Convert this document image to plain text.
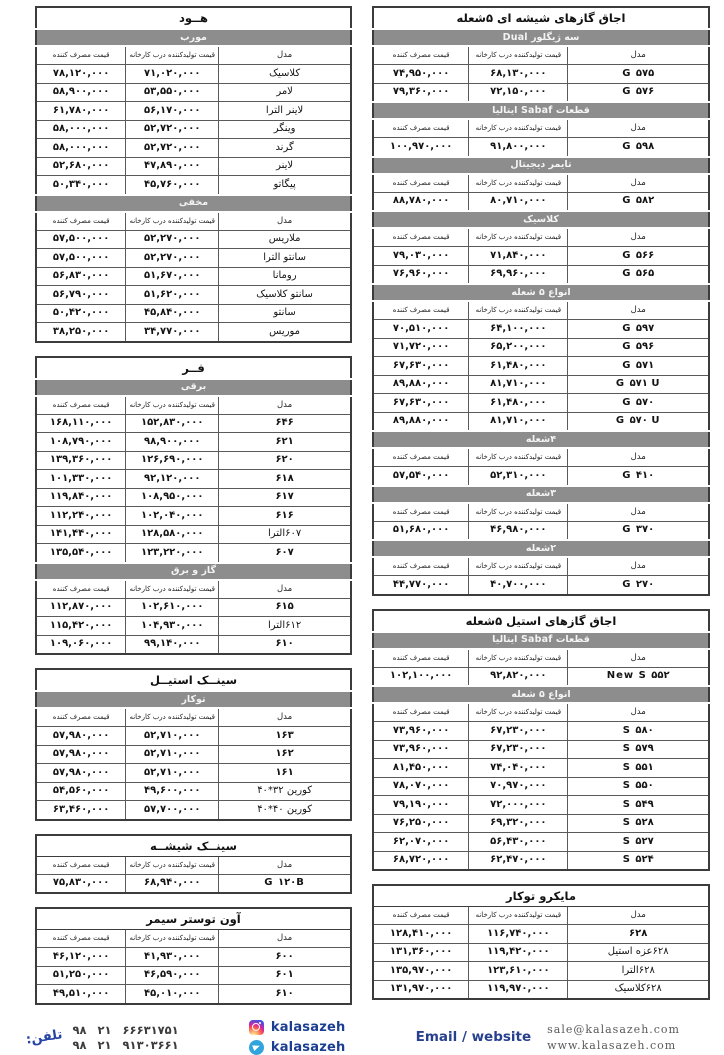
اجاق گازهای شیشه ای ۵شعله		
سه ژیگلور Dual		
مدل	قیمت تولیدکننده درب کارخانه	قیمت مصرف کننده
G ۵۷۵	۶۸,۱۳۰,۰۰۰	۷۴,۹۵۰,۰۰۰
G ۵۷۶	۷۲,۱۵۰,۰۰۰	۷۹,۳۶۰,۰۰۰
قطعات Sabaf ایتالیا		
مدل	قیمت تولیدکننده درب کارخانه	قیمت مصرف کننده
G ۵۹۸	۹۱,۸۰۰,۰۰۰	۱۰۰,۹۷۰,۰۰۰
تایمر دیجیتال		
مدل	قیمت تولیدکننده درب کارخانه	قیمت مصرف کننده
G ۵۸۲	۸۰,۷۱۰,۰۰۰	۸۸,۷۸۰,۰۰۰
کلاسیک		
مدل	قیمت تولیدکننده درب کارخانه	قیمت مصرف کننده
G ۵۶۶	۷۱,۸۴۰,۰۰۰	۷۹,۰۳۰,۰۰۰
G ۵۶۵	۶۹,۹۶۰,۰۰۰	۷۶,۹۶۰,۰۰۰
انواع ۵ شعله		
مدل	قیمت تولیدکننده درب کارخانه	قیمت مصرف کننده
G ۵۹۷	۶۴,۱۰۰,۰۰۰	۷۰,۵۱۰,۰۰۰
G ۵۹۶	۶۵,۲۰۰,۰۰۰	۷۱,۷۲۰,۰۰۰
G ۵۷۱	۶۱,۴۸۰,۰۰۰	۶۷,۶۳۰,۰۰۰
G ۵۷۱ U	۸۱,۷۱۰,۰۰۰	۸۹,۸۸۰,۰۰۰
G ۵۷۰	۶۱,۴۸۰,۰۰۰	۶۷,۶۳۰,۰۰۰
G ۵۷۰ U	۸۱,۷۱۰,۰۰۰	۸۹,۸۸۰,۰۰۰
۴شعله		
مدل	قیمت تولیدکننده درب کارخانه	قیمت مصرف کننده
G ۴۱۰	۵۲,۳۱۰,۰۰۰	۵۷,۵۴۰,۰۰۰
۳شعله		
مدل	قیمت تولیدکننده درب کارخانه	قیمت مصرف کننده
G ۳۷۰	۴۶,۹۸۰,۰۰۰	۵۱,۶۸۰,۰۰۰
۲شعله		
مدل	قیمت تولیدکننده درب کارخانه	قیمت مصرف کننده
G ۲۷۰	۴۰,۷۰۰,۰۰۰	۴۴,۷۷۰,۰۰۰
اجاق گازهای استیل ۵شعله		
قطعات Sabaf ایتالیا		
مدل	قیمت تولیدکننده درب کارخانه	قیمت مصرف کننده
New S ۵۵۲	۹۲,۸۲۰,۰۰۰	۱۰۲,۱۰۰,۰۰۰
انواع ۵ شعله		
مدل	قیمت تولیدکننده درب کارخانه	قیمت مصرف کننده
S ۵۸۰	۶۷,۲۳۰,۰۰۰	۷۳,۹۶۰,۰۰۰
S ۵۷۹	۶۷,۲۳۰,۰۰۰	۷۳,۹۶۰,۰۰۰
S ۵۵۱	۷۴,۰۴۰,۰۰۰	۸۱,۴۵۰,۰۰۰
S ۵۵۰	۷۰,۹۷۰,۰۰۰	۷۸,۰۷۰,۰۰۰
S ۵۴۹	۷۲,۰۰۰,۰۰۰	۷۹,۱۹۰,۰۰۰
S ۵۲۸	۶۹,۳۲۰,۰۰۰	۷۶,۲۵۰,۰۰۰
S ۵۲۷	۵۶,۴۳۰,۰۰۰	۶۲,۰۷۰,۰۰۰
S ۵۲۴	۶۲,۴۷۰,۰۰۰	۶۸,۷۲۰,۰۰۰
مایکرو توکار		
مدل	قیمت تولیدکننده درب کارخانه	قیمت مصرف کننده
۶۲۸	۱۱۶,۷۴۰,۰۰۰	۱۲۸,۴۱۰,۰۰۰
۶۲۸عزه استیل	۱۱۹,۴۲۰,۰۰۰	۱۳۱,۳۶۰,۰۰۰
۶۲۸الترا	۱۲۳,۶۱۰,۰۰۰	۱۳۵,۹۷۰,۰۰۰
۶۲۸کلاسیک	۱۱۹,۹۷۰,۰۰۰	۱۳۱,۹۷۰,۰۰۰
هــود		
مورب		
مدل	قیمت تولیدکننده درب کارخانه	قیمت مصرف کننده
کلاسیک	۷۱,۰۲۰,۰۰۰	۷۸,۱۲۰,۰۰۰
لامر	۵۳,۵۵۰,۰۰۰	۵۸,۹۰۰,۰۰۰
لاینر الترا	۵۶,۱۷۰,۰۰۰	۶۱,۷۸۰,۰۰۰
وینگر	۵۲,۷۲۰,۰۰۰	۵۸,۰۰۰,۰۰۰
گرند	۵۲,۷۲۰,۰۰۰	۵۸,۰۰۰,۰۰۰
لاینر	۴۷,۸۹۰,۰۰۰	۵۲,۶۸۰,۰۰۰
پیگاتو	۴۵,۷۶۰,۰۰۰	۵۰,۳۴۰,۰۰۰
مخفی		
مدل	قیمت تولیدکننده درب کارخانه	قیمت مصرف کننده
ملاریس	۵۲,۲۷۰,۰۰۰	۵۷,۵۰۰,۰۰۰
سانتو الترا	۵۲,۲۷۰,۰۰۰	۵۷,۵۰۰,۰۰۰
رومانا	۵۱,۶۷۰,۰۰۰	۵۶,۸۳۰,۰۰۰
سانتو کلاسیک	۵۱,۶۲۰,۰۰۰	۵۶,۷۹۰,۰۰۰
سانتو	۴۵,۸۴۰,۰۰۰	۵۰,۴۲۰,۰۰۰
موریس	۳۴,۷۷۰,۰۰۰	۳۸,۲۵۰,۰۰۰
فــر		
برقی		
مدل	قیمت تولیدکننده درب کارخانه	قیمت مصرف کننده
۶۴۶	۱۵۲,۸۳۰,۰۰۰	۱۶۸,۱۱۰,۰۰۰
۶۲۱	۹۸,۹۰۰,۰۰۰	۱۰۸,۷۹۰,۰۰۰
۶۲۰	۱۲۶,۶۹۰,۰۰۰	۱۳۹,۳۶۰,۰۰۰
۶۱۸	۹۲,۱۲۰,۰۰۰	۱۰۱,۳۳۰,۰۰۰
۶۱۷	۱۰۸,۹۵۰,۰۰۰	۱۱۹,۸۴۰,۰۰۰
۶۱۶	۱۰۲,۰۴۰,۰۰۰	۱۱۲,۲۴۰,۰۰۰
۶۰۷الترا	۱۲۸,۵۸۰,۰۰۰	۱۴۱,۴۴۰,۰۰۰
۶۰۷	۱۲۳,۲۲۰,۰۰۰	۱۳۵,۵۴۰,۰۰۰
گاز و برق		
مدل	قیمت تولیدکننده درب کارخانه	قیمت مصرف کننده
۶۱۵	۱۰۲,۶۱۰,۰۰۰	۱۱۲,۸۷۰,۰۰۰
۶۱۲الترا	۱۰۴,۹۳۰,۰۰۰	۱۱۵,۴۲۰,۰۰۰
۶۱۰	۹۹,۱۴۰,۰۰۰	۱۰۹,۰۶۰,۰۰۰
سینــک استیــل		
توکار		
مدل	قیمت تولیدکننده درب کارخانه	قیمت مصرف کننده
۱۶۳	۵۲,۷۱۰,۰۰۰	۵۷,۹۸۰,۰۰۰
۱۶۲	۵۲,۷۱۰,۰۰۰	۵۷,۹۸۰,۰۰۰
۱۶۱	۵۲,۷۱۰,۰۰۰	۵۷,۹۸۰,۰۰۰
کورین ‎۴۰*۳۲‎	۴۹,۶۰۰,۰۰۰	۵۴,۵۶۰,۰۰۰
کورین ‎۴۰*۴۰‎	۵۷,۷۰۰,۰۰۰	۶۳,۴۶۰,۰۰۰
سینــک شیشــه		
مدل	قیمت تولیدکننده درب کارخانه	قیمت مصرف کننده
G ۱۲۰B	۶۸,۹۴۰,۰۰۰	۷۵,۸۳۰,۰۰۰
آون توستر سیمر		
مدل	قیمت تولیدکننده درب کارخانه	قیمت مصرف کننده
۶۰۰	۴۱,۹۳۰,۰۰۰	۴۶,۱۲۰,۰۰۰
۶۰۱	۴۶,۵۹۰,۰۰۰	۵۱,۲۵۰,۰۰۰
۶۱۰	۴۵,۰۱۰,۰۰۰	۴۹,۵۱۰,۰۰۰
تلفن: ۹۸ ۲۱ ۶۶۶۳۱۷۵۱
۹۸ ۲۱ ۹۱۳۰۳۶۶۱
kalasazeh
kalasazeh
Email / website sale@kalasazeh.com
www.kalasazeh.com
